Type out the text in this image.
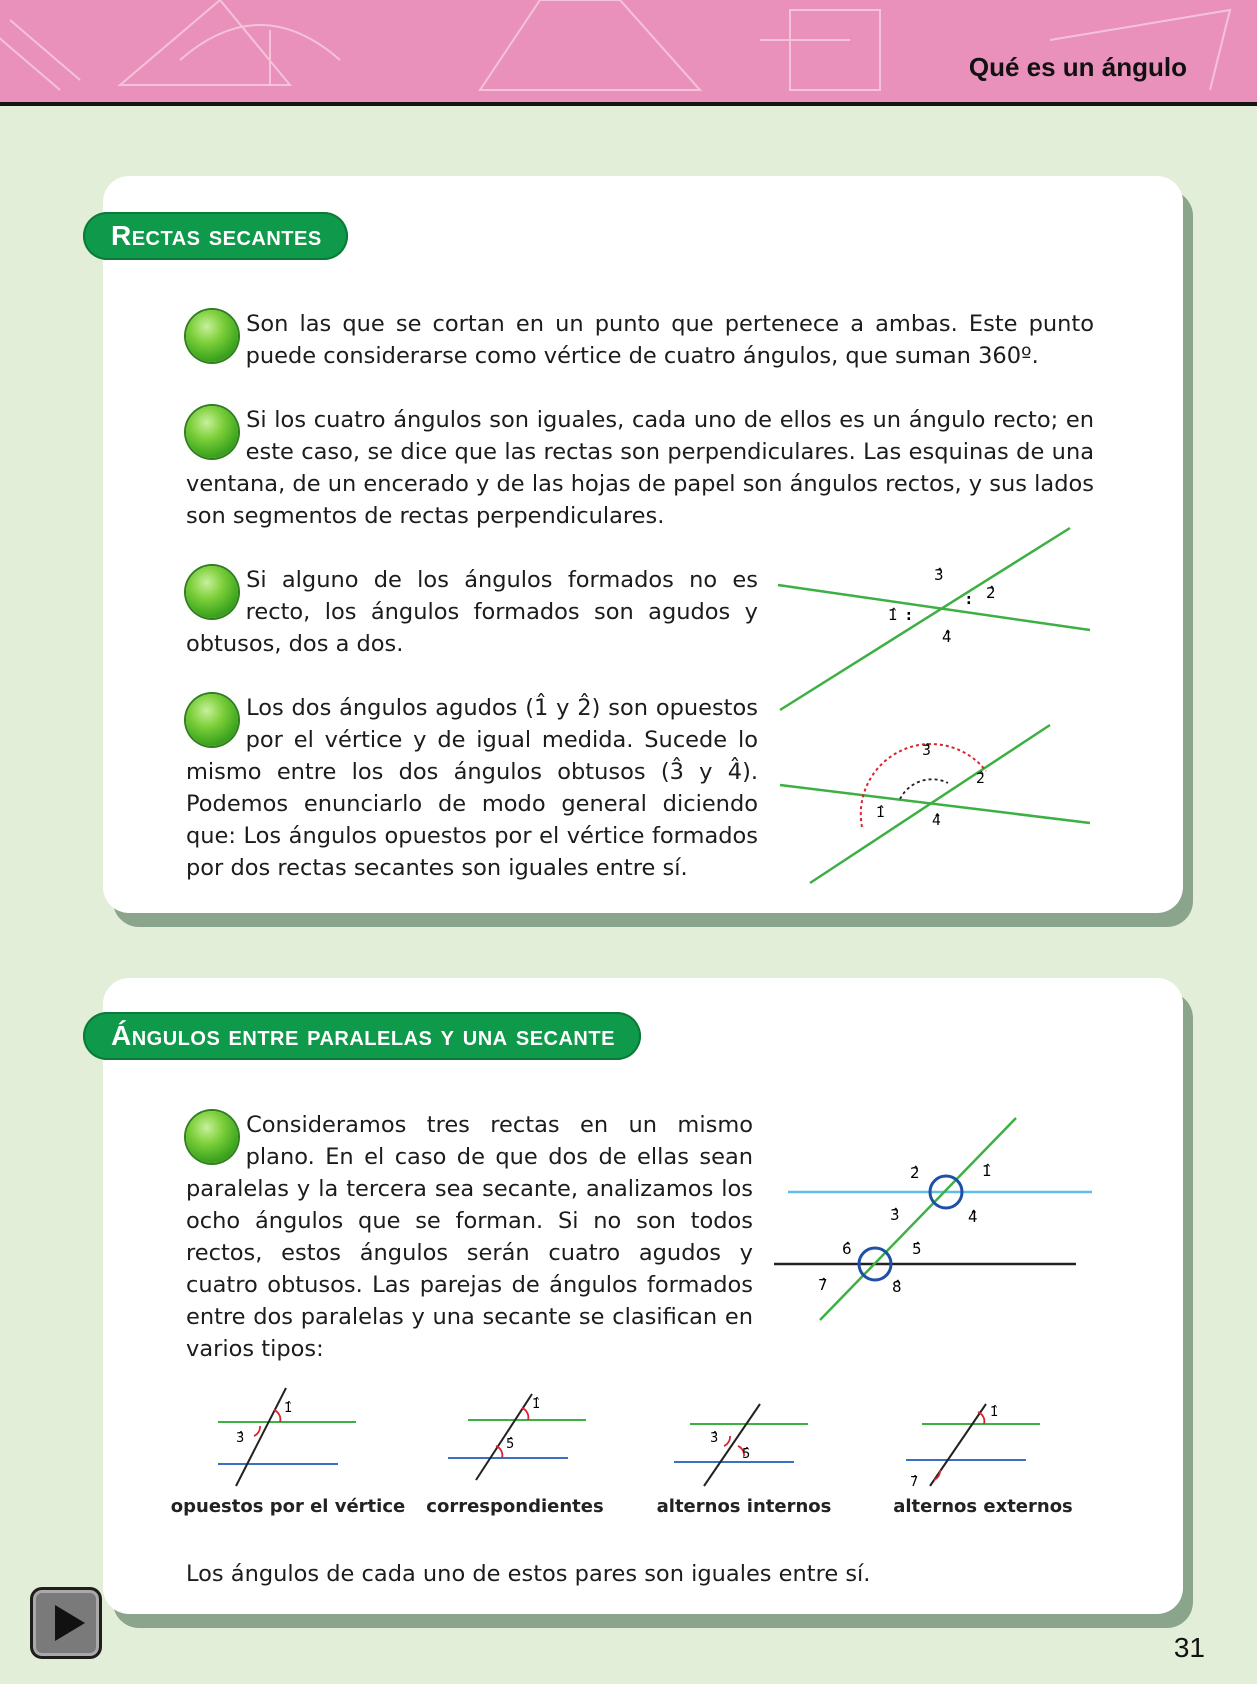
Qué es un ángulo
Rectas secantes
Son las que se cortan en un punto que pertenece a ambas. Este punto puede considerarse como vértice de cuatro ángulos, que suman 360º.
Si los cuatro ángulos son iguales, cada uno de ellos es un ángulo recto; en este caso, se dice que las rectas son perpendiculares. Las esquinas de una ventana, de un encerado y de las hojas de papel son ángulos rectos, y sus lados son segmentos de rectas perpendiculares.
Si alguno de los ángulos formados no es recto, los ángulos formados son agudos y obtusos, dos a dos.
Los dos ángulos agudos (1̂ y 2̂) son opuestos por el vértice y de igual medida. Sucede lo mismo entre los dos ángulos obtusos (3̂ y 4̂). Podemos enunciarlo de modo general diciendo que: Los ángulos opuestos por el vértice formados por dos rectas secantes son iguales entre sí.
3̂
2̂
1̂
4̂
:
:
3̂
2̂
1̂	4̂
Ángulos entre paralelas y una secante
Consideramos tres rectas en un mismo plano. En el caso de que dos de ellas sean paralelas y la tercera sea secante, analizamos los ocho ángulos que se forman. Si no son todos rectos, estos ángulos serán cuatro agudos y cuatro obtusos. Las parejas de ángulos formados entre dos paralelas y una secante se clasifican en varios tipos:
2̂	1̂
3̂	4̂
6̂	5̂
7̂	8̂
1̂
3̂
1̂
5̂	3̂
5̂
1̂
7̂
opuestos por el vértice	correspondientes	alternos internos	alternos externos
Los ángulos de cada uno de estos pares son iguales entre sí.
31
